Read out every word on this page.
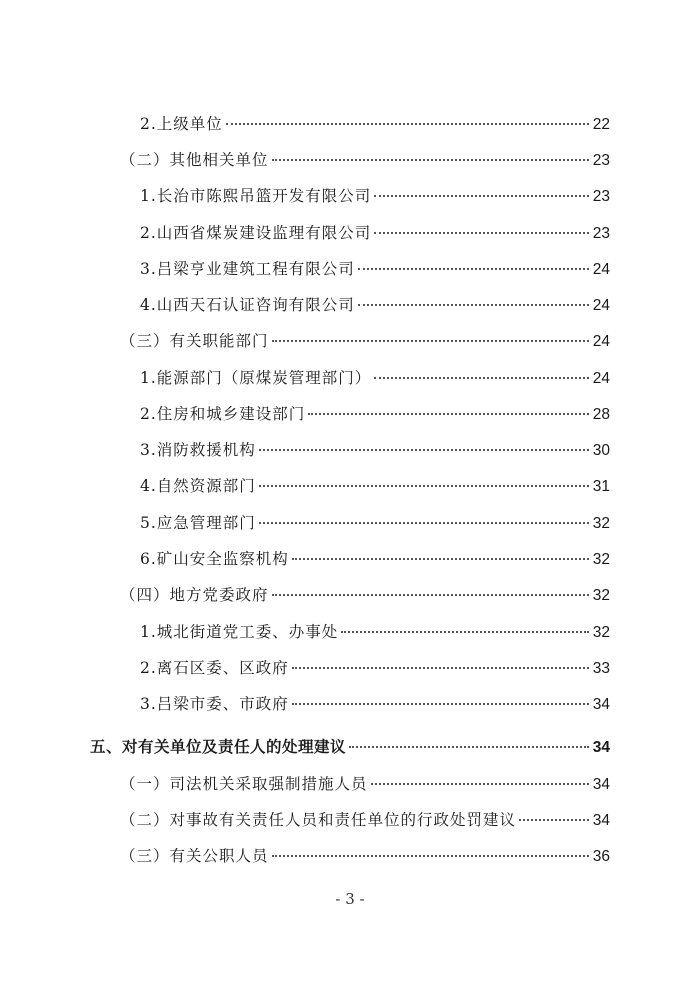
2.上级单位	22
（二）其他相关单位	23
1.长治市陈熙吊篮开发有限公司	23
2.山西省煤炭建设监理有限公司	23
3.吕梁亨业建筑工程有限公司	24
4.山西天石认证咨询有限公司	24
（三）有关职能部门	24
1.能源部门（原煤炭管理部门）	24
2.住房和城乡建设部门	28
3.消防救援机构	30
4.自然资源部门	31
5.应急管理部门	32
6.矿山安全监察机构	32
（四）地方党委政府	32
1.城北街道党工委、办事处	32
2.离石区委、区政府	33
3.吕梁市委、市政府	34
五、对有关单位及责任人的处理建议	34
（一）司法机关采取强制措施人员	34
（二）对事故有关责任人员和责任单位的行政处罚建议	34
（三）有关公职人员	36
- 3 -
